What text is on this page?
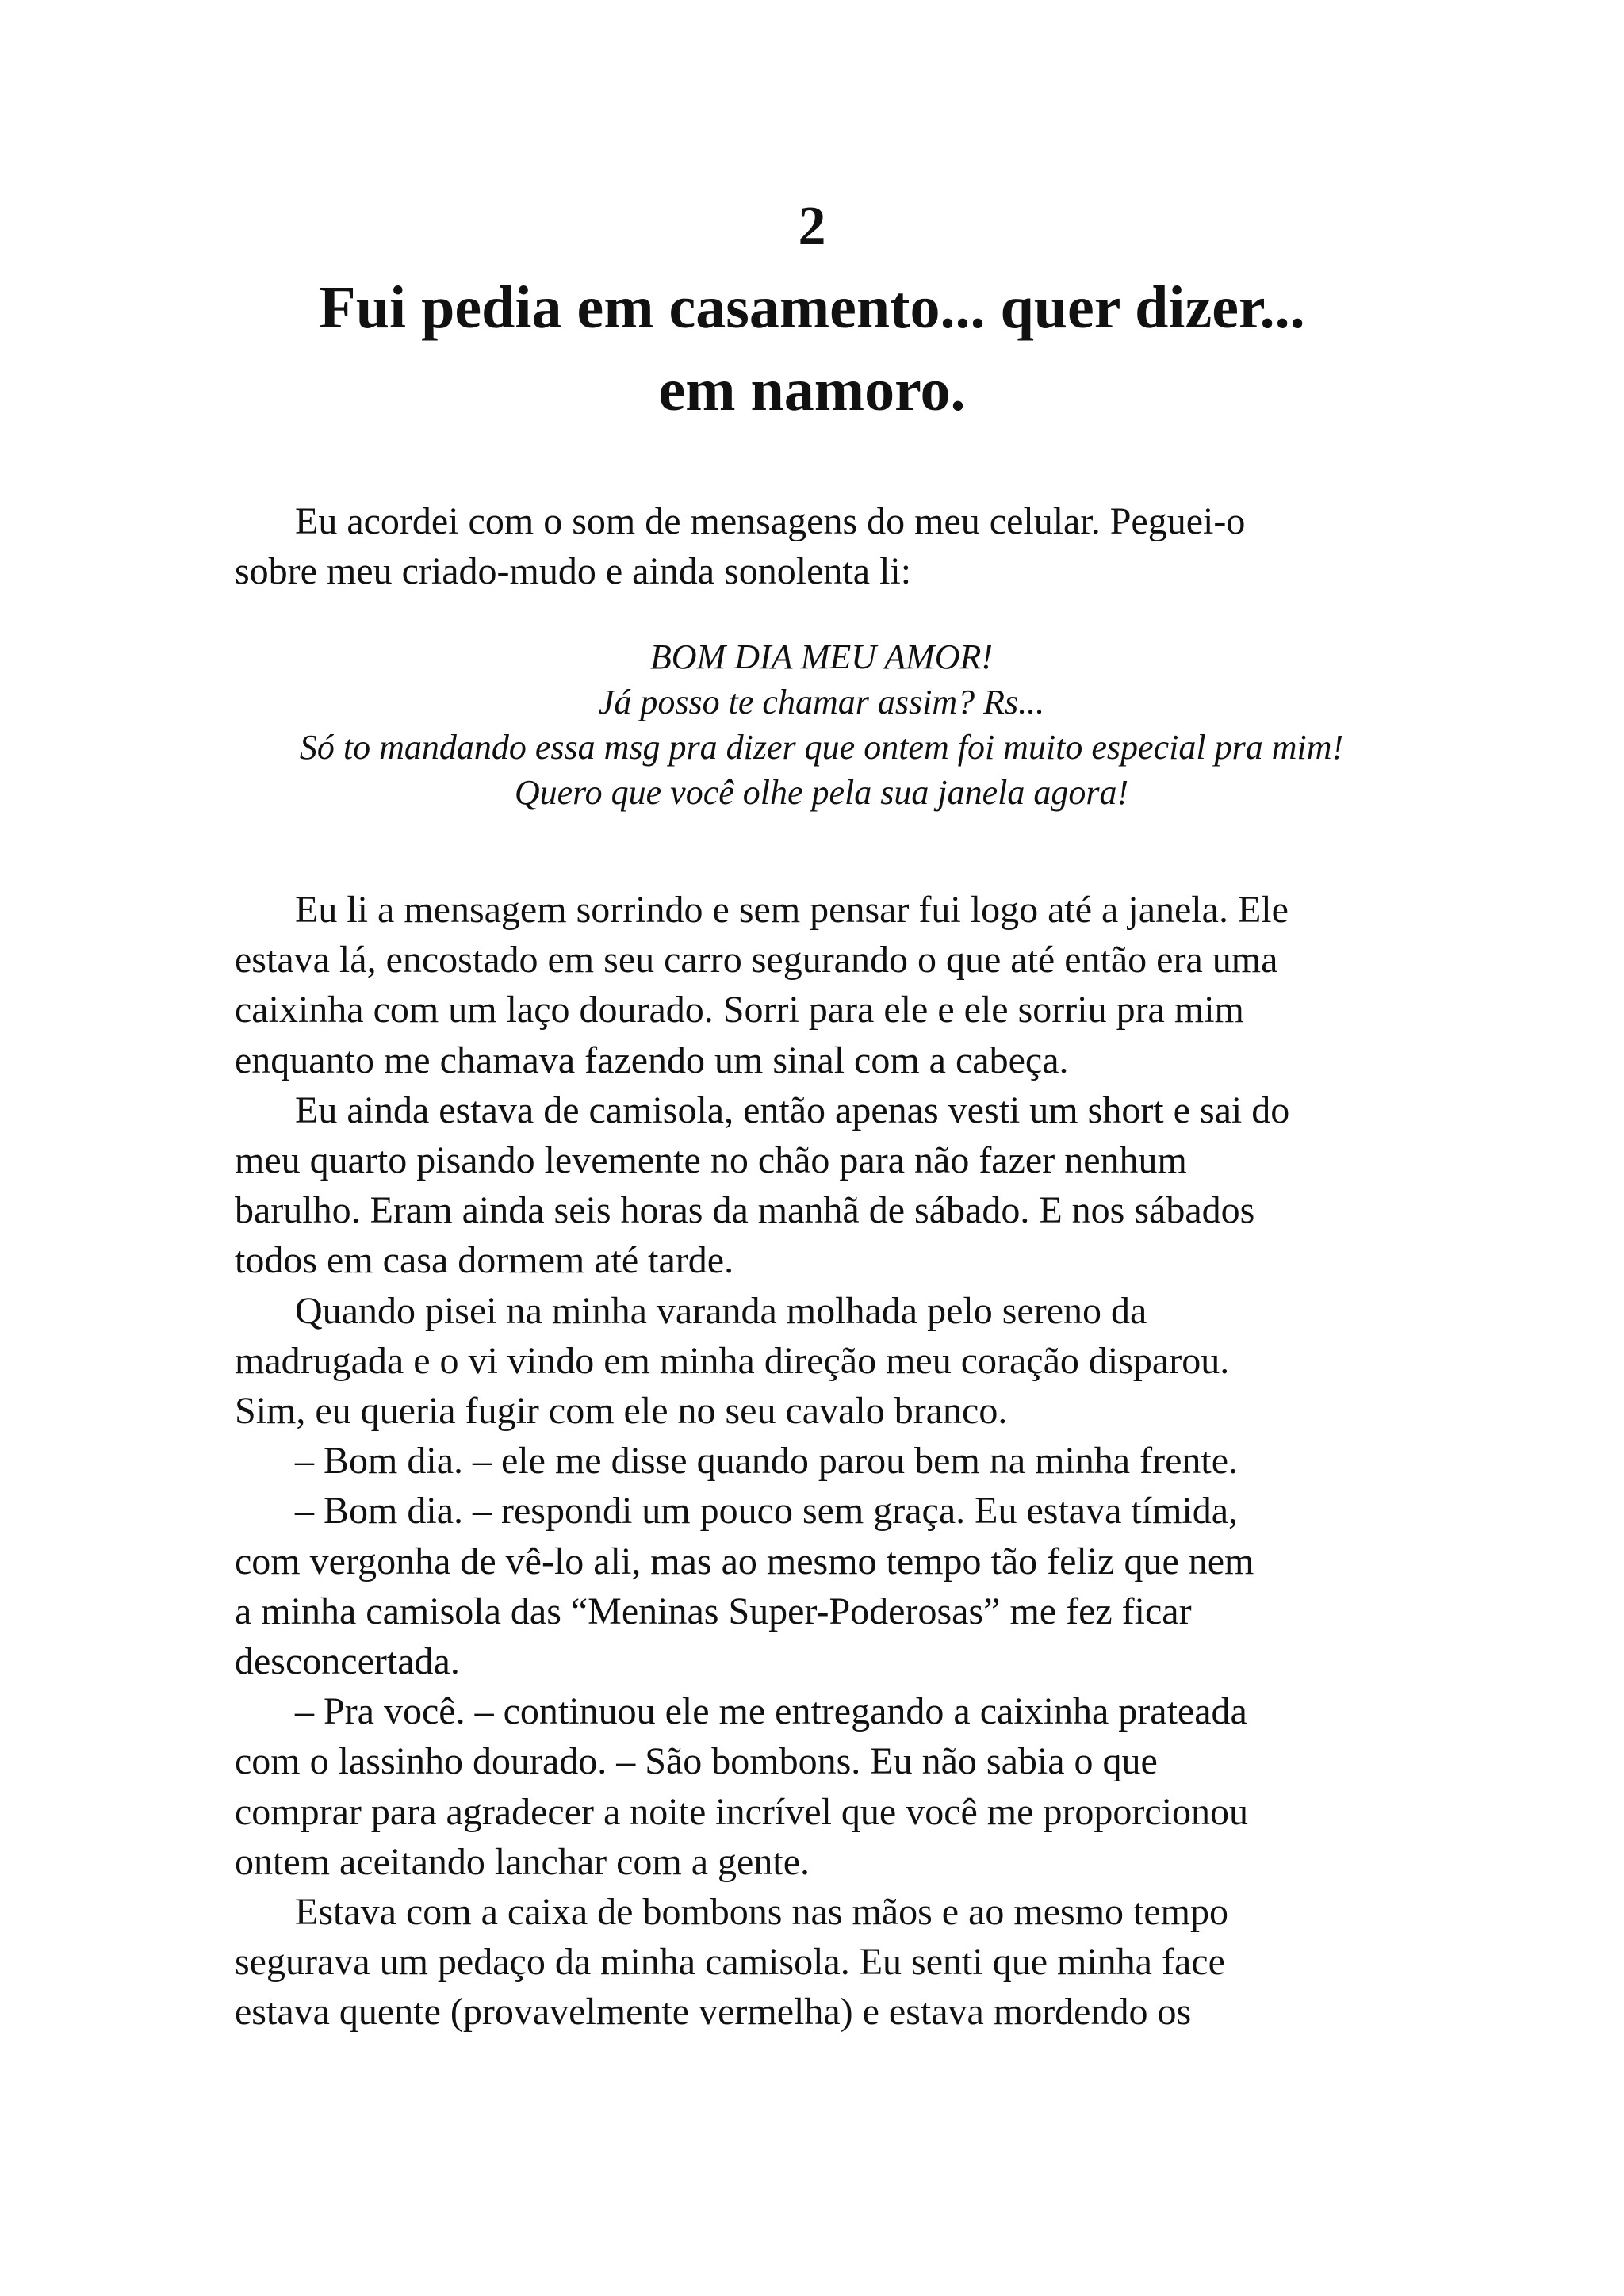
2
Fui pedia em casamento... quer dizer...
em namoro.
Eu acordei com o som de mensagens do meu celular. Peguei-o
sobre meu criado-mudo e ainda sonolenta li:
BOM DIA MEU AMOR!
Já posso te chamar assim? Rs...
Só to mandando essa msg pra dizer que ontem foi muito especial pra mim!
Quero que você olhe pela sua janela agora!
Eu li a mensagem sorrindo e sem pensar fui logo até a janela. Ele
estava lá, encostado em seu carro segurando o que até então era uma
caixinha com um laço dourado. Sorri para ele e ele sorriu pra mim
enquanto me chamava fazendo um sinal com a cabeça.
Eu ainda estava de camisola, então apenas vesti um short e sai do
meu quarto pisando levemente no chão para não fazer nenhum
barulho. Eram ainda seis horas da manhã de sábado. E nos sábados
todos em casa dormem até tarde.
Quando pisei na minha varanda molhada pelo sereno da
madrugada e o vi vindo em minha direção meu coração disparou.
Sim, eu queria fugir com ele no seu cavalo branco.
– Bom dia. – ele me disse quando parou bem na minha frente.
– Bom dia. – respondi um pouco sem graça. Eu estava tímida,
com vergonha de vê-lo ali, mas ao mesmo tempo tão feliz que nem
a minha camisola das “Meninas Super-Poderosas” me fez ficar
desconcertada.
– Pra você. – continuou ele me entregando a caixinha prateada
com o lassinho dourado. – São bombons. Eu não sabia o que
comprar para agradecer a noite incrível que você me proporcionou
ontem aceitando lanchar com a gente.
Estava com a caixa de bombons nas mãos e ao mesmo tempo
segurava um pedaço da minha camisola. Eu senti que minha face
estava quente (provavelmente vermelha) e estava mordendo os
